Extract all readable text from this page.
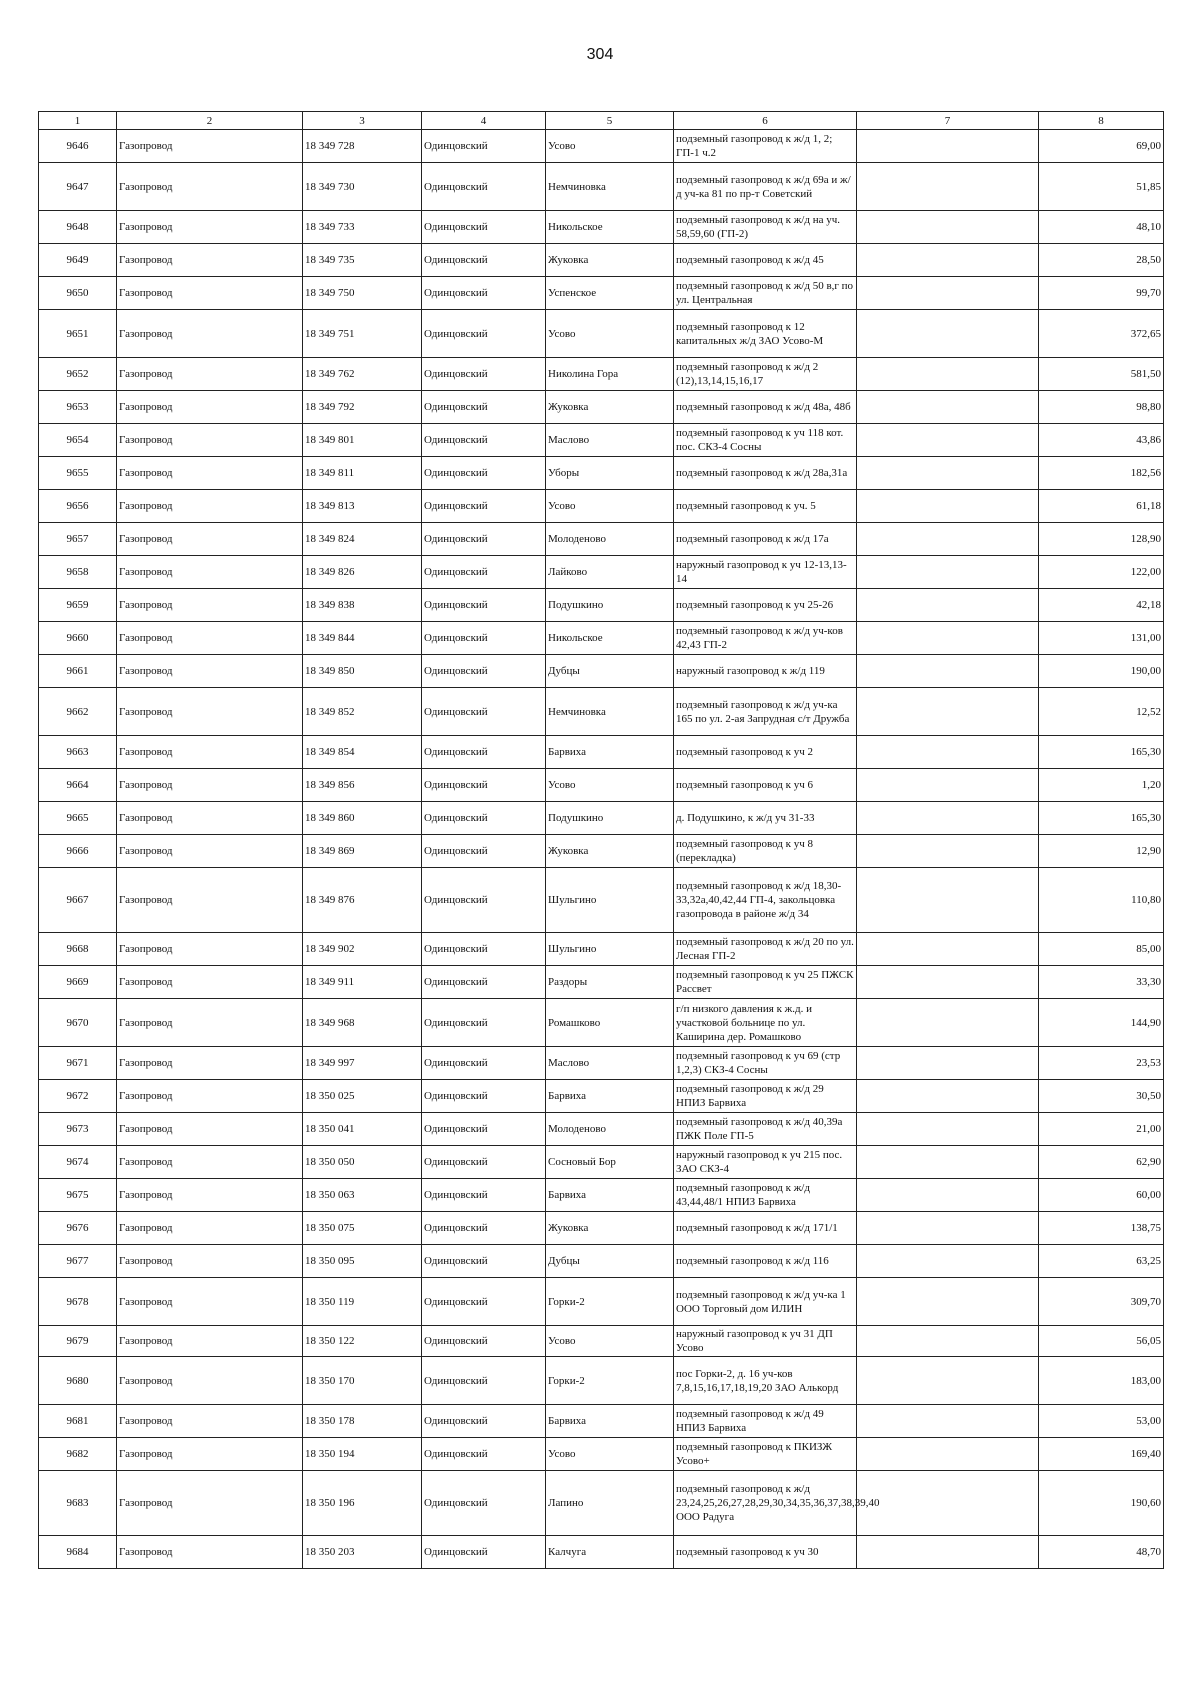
304
1	2	3	4	5	6	7	8
9646	Газопровод	18 349 728	Одинцовский	Усово	подземный газопровод к ж/д 1, 2; ГП-1 ч.2		69,00
9647	Газопровод	18 349 730	Одинцовский	Немчиновка	подземный газопровод к ж/д 69а и ж/д уч-ка 81 по пр-т Советский		51,85
9648	Газопровод	18 349 733	Одинцовский	Никольское	подземный газопровод к ж/д на уч. 58,59,60 (ГП-2)		48,10
9649	Газопровод	18 349 735	Одинцовский	Жуковка	подземный газопровод к ж/д 45		28,50
9650	Газопровод	18 349 750	Одинцовский	Успенское	подземный газопровод к ж/д 50 в,г по ул. Центральная		99,70
9651	Газопровод	18 349 751	Одинцовский	Усово	подземный газопровод к 12 капитальных ж/д ЗАО Усово-М		372,65
9652	Газопровод	18 349 762	Одинцовский	Николина Гора	подземный газопровод к ж/д 2 (12),13,14,15,16,17		581,50
9653	Газопровод	18 349 792	Одинцовский	Жуковка	подземный газопровод к ж/д 48а, 48б		98,80
9654	Газопровод	18 349 801	Одинцовский	Маслово	подземный газопровод к уч 118 кот. пос. СКЗ-4 Сосны		43,86
9655	Газопровод	18 349 811	Одинцовский	Уборы	подземный газопровод к ж/д 28а,31а		182,56
9656	Газопровод	18 349 813	Одинцовский	Усово	подземный газопровод к уч. 5		61,18
9657	Газопровод	18 349 824	Одинцовский	Молоденово	подземный газопровод к ж/д 17а		128,90
9658	Газопровод	18 349 826	Одинцовский	Лайково	наружный газопровод к уч 12-13,13-14		122,00
9659	Газопровод	18 349 838	Одинцовский	Подушкино	подземный газопровод к уч 25-26		42,18
9660	Газопровод	18 349 844	Одинцовский	Никольское	подземный газопровод к ж/д уч-ков 42,43 ГП-2		131,00
9661	Газопровод	18 349 850	Одинцовский	Дубцы	наружный газопровод к ж/д 119		190,00
9662	Газопровод	18 349 852	Одинцовский	Немчиновка	подземный газопровод к ж/д уч-ка 165 по ул. 2-ая Запрудная с/т Дружба		12,52
9663	Газопровод	18 349 854	Одинцовский	Барвиха	подземный газопровод к уч 2		165,30
9664	Газопровод	18 349 856	Одинцовский	Усово	подземный газопровод к уч 6		1,20
9665	Газопровод	18 349 860	Одинцовский	Подушкино	д. Подушкино, к ж/д уч 31-33		165,30
9666	Газопровод	18 349 869	Одинцовский	Жуковка	подземный газопровод к уч 8 (перекладка)		12,90
9667	Газопровод	18 349 876	Одинцовский	Шульгино	подземный газопровод к ж/д 18,30-33,32а,40,42,44 ГП-4, закольцовка газопровода в районе ж/д 34		110,80
9668	Газопровод	18 349 902	Одинцовский	Шульгино	подземный газопровод к ж/д 20 по ул. Лесная ГП-2		85,00
9669	Газопровод	18 349 911	Одинцовский	Раздоры	подземный газопровод к уч 25 ПЖСК Рассвет		33,30
9670	Газопровод	18 349 968	Одинцовский	Ромашково	г/п низкого давления к ж.д. и участковой больнице по ул. Каширина дер. Ромашково		144,90
9671	Газопровод	18 349 997	Одинцовский	Маслово	подземный газопровод к уч 69 (стр 1,2,3) СКЗ-4 Сосны		23,53
9672	Газопровод	18 350 025	Одинцовский	Барвиха	подземный газопровод к ж/д 29 НПИЗ Барвиха		30,50
9673	Газопровод	18 350 041	Одинцовский	Молоденово	подземный газопровод к ж/д 40,39а ПЖК Поле ГП-5		21,00
9674	Газопровод	18 350 050	Одинцовский	Сосновый Бор	наружный газопровод к уч 215 пос. ЗАО СКЗ-4		62,90
9675	Газопровод	18 350 063	Одинцовский	Барвиха	подземный газопровод к ж/д 43,44,48/1 НПИЗ Барвиха		60,00
9676	Газопровод	18 350 075	Одинцовский	Жуковка	подземный газопровод к ж/д 171/1		138,75
9677	Газопровод	18 350 095	Одинцовский	Дубцы	подземный газопровод к ж/д 116		63,25
9678	Газопровод	18 350 119	Одинцовский	Горки-2	подземный газопровод к ж/д уч-ка 1 ООО Торговый дом ИЛИН		309,70
9679	Газопровод	18 350 122	Одинцовский	Усово	наружный газопровод к уч 31 ДП Усово		56,05
9680	Газопровод	18 350 170	Одинцовский	Горки-2	пос Горки-2, д. 16 уч-ков 7,8,15,16,17,18,19,20 ЗАО Алькорд		183,00
9681	Газопровод	18 350 178	Одинцовский	Барвиха	подземный газопровод к ж/д 49 НПИЗ Барвиха		53,00
9682	Газопровод	18 350 194	Одинцовский	Усово	подземный газопровод к ПКИЗЖ Усово+		169,40
9683	Газопровод	18 350 196	Одинцовский	Лапино	подземный газопровод к ж/д 23,24,25,26,27,28,29,30,34,35,36,37,38,39,40 ООО Радуга		190,60
9684	Газопровод	18 350 203	Одинцовский	Калчуга	подземный газопровод к уч 30		48,70
